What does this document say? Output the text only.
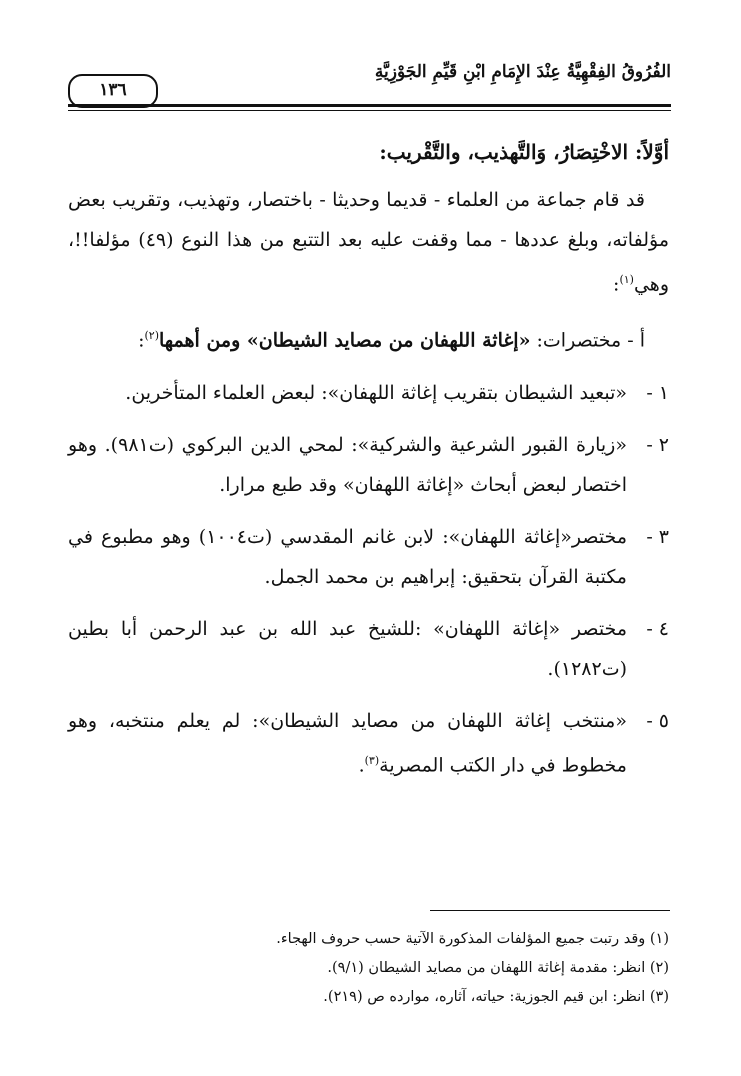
الفُرُوقُ الفِقْهِيَّةُ عِنْدَ الإِمَامِ ابْنِ قَيِّمِ الجَوْزِيَّةِ
١٣٦
أوَّلاً: الاخْتِصَارُ، وَالتَّهذيب، والتَّقْريب:

قد قام جماعة من العلماء - قديما وحديثا - باختصار، وتهذيب، وتقريب بعض مؤلفاته، وبلغ عددها - مما وقفت عليه بعد التتبع من هذا النوع (٤٩) مؤلفا!!، وهي$^{(١)}$:

أ - مختصرات: «إغاثة اللهفان من مصايد الشيطان» ومن أهمها$^{(٢)}$:

١ -
«تبعيد الشيطان بتقريب إغاثة اللهفان»: لبعض العلماء المتأخرين.

٢ -
«زيارة القبور الشرعية والشركية»: لمحي الدين البركوي (ت٩٨١). وهو اختصار لبعض أبحاث «إغاثة اللهفان» وقد طبع مرارا.

٣ -
مختصر«إغاثة اللهفان»: لابن غانم المقدسي (ت١٠٠٤) وهو مطبوع في مكتبة القرآن بتحقيق: إبراهيم بن محمد الجمل.

٤ -
مختصر «إغاثة اللهفان» :للشيخ عبد الله بن عبد الرحمن أبا بطين (ت١٢٨٢).

٥ -
«منتخب إغاثة اللهفان من مصايد الشيطان»: لم يعلم منتخبه، وهو مخطوط في دار الكتب المصرية$^{(٣)}$.

(١) وقد رتبت جميع المؤلفات المذكورة الآتية حسب حروف الهجاء.
(٢) انظر: مقدمة إغاثة اللهفان من مصايد الشيطان (٩/١).
(٣) انظر: ابن قيم الجوزية: حياته، آثاره، موارده ص (٢١٩).
